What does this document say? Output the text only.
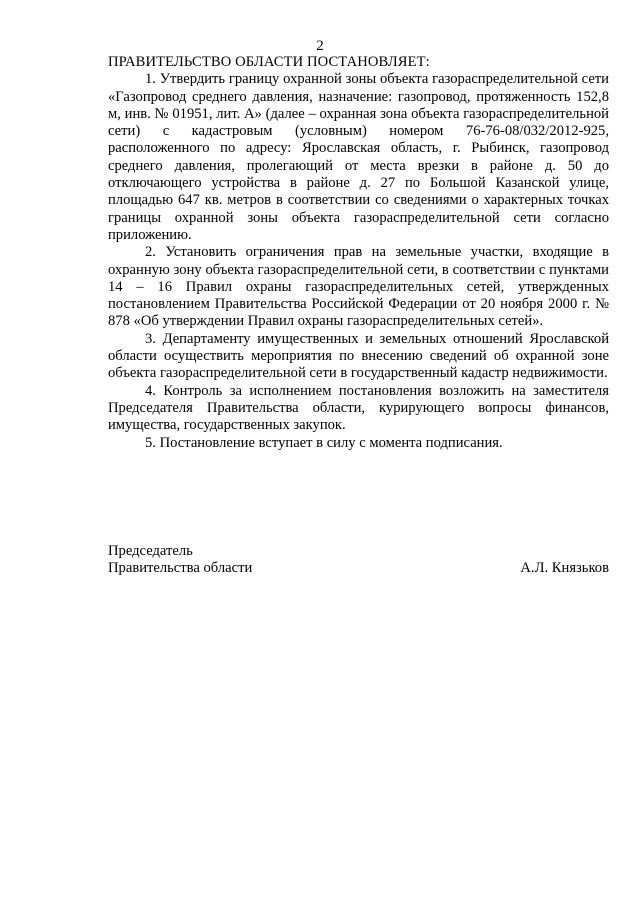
2

ПРАВИТЕЛЬСТВО ОБЛАСТИ ПОСТАНОВЛЯЕТ:

1. Утвердить границу охранной зоны объекта газораспределительной сети «Газопровод среднего давления, назначение: газопровод, протяженность 152,8 м, инв. № 01951, лит. А» (далее – охранная зона объекта газораспределительной сети) с кадастровым (условным) номером 76-76-08/032/2012-925, расположенного по адресу: Ярославская область, г. Рыбинск, газопровод среднего давления, пролегающий от места врезки в районе д. 50 до отключающего устройства в районе д. 27 по Большой Казанской улице, площадью 647 кв. метров в соответствии со сведениями о характерных точках границы охранной зоны объекта газораспределительной сети согласно приложению.

2. Установить ограничения прав на земельные участки, входящие в охранную зону объекта газораспределительной сети, в соответствии с пунктами 14 – 16 Правил охраны газораспределительных сетей, утвержденных постановлением Правительства Российской Федерации от 20 ноября 2000 г. № 878 «Об утверждении Правил охраны газораспределительных сетей».

3. Департаменту имущественных и земельных отношений Ярославской области осуществить мероприятия по внесению сведений об охранной зоне объекта газораспределительной сети в государственный кадастр недвижимости.

4. Контроль за исполнением постановления возложить на заместителя Председателя Правительства области, курирующего вопросы финансов, имущества, государственных закупок.

5. Постановление вступает в силу с момента подписания.

Председатель
Правительства области	А.Л. Князьков
